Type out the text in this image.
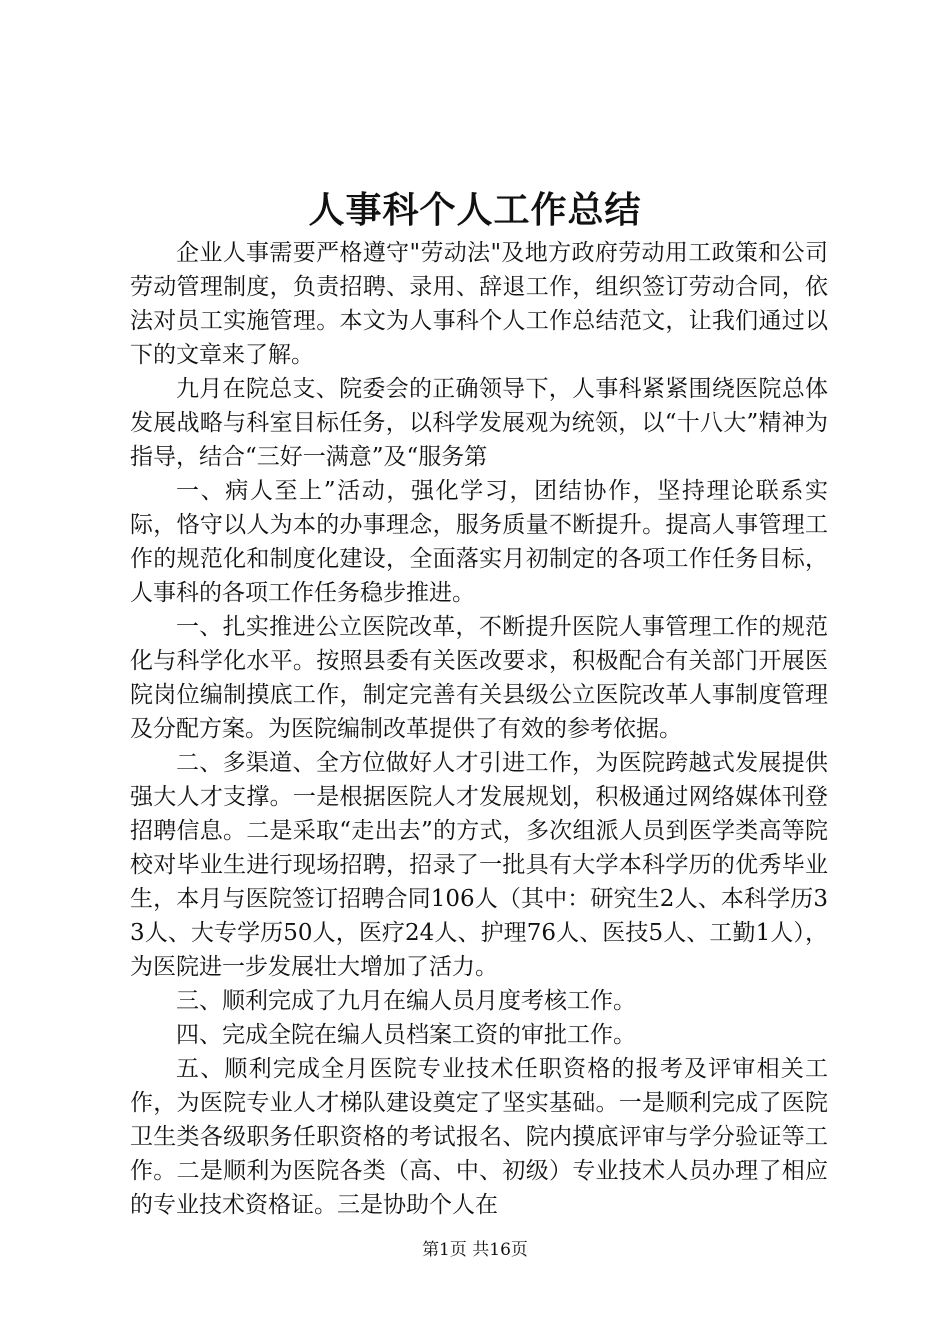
人事科个人工作总结

企业人事需要严格遵守"劳动法"及地方政府劳动用工政策和公司劳动管理制度，负责招聘、录用、辞退工作，组织签订劳动合同，依法对员工实施管理。本文为人事科个人工作总结范文，让我们通过以下的文章来了解。

九月在院总支、院委会的正确领导下，人事科紧紧围绕医院总体发展战略与科室目标任务，以科学发展观为统领，以“十八大”精神为指导，结合“三好一满意”及“服务第

一、病人至上”活动，强化学习，团结协作，坚持理论联系实际，恪守以人为本的办事理念，服务质量不断提升。提高人事管理工作的规范化和制度化建设，全面落实月初制定的各项工作任务目标，人事科的各项工作任务稳步推进。

一、扎实推进公立医院改革，不断提升医院人事管理工作的规范化与科学化水平。按照县委有关医改要求，积极配合有关部门开展医院岗位编制摸底工作，制定完善有关县级公立医院改革人事制度管理及分配方案。为医院编制改革提供了有效的参考依据。

二、多渠道、全方位做好人才引进工作，为医院跨越式发展提供强大人才支撑。一是根据医院人才发展规划，积极通过网络媒体刊登招聘信息。二是采取“走出去”的方式，多次组派人员到医学类高等院校对毕业生进行现场招聘，招录了一批具有大学本科学历的优秀毕业生，本月与医院签订招聘合同106人（其中：研究生2人、本科学历33人、大专学历50人，医疗24人、护理76人、医技5人、工勤1人），为医院进一步发展壮大增加了活力。

三、顺利完成了九月在编人员月度考核工作。

四、完成全院在编人员档案工资的审批工作。

五、顺利完成全月医院专业技术任职资格的报考及评审相关工作，为医院专业人才梯队建设奠定了坚实基础。一是顺利完成了医院卫生类各级职务任职资格的考试报名、院内摸底评审与学分验证等工作。二是顺利为医院各类（高、中、初级）专业技术人员办理了相应的专业技术资格证。三是协助个人在

第1页 共16页
